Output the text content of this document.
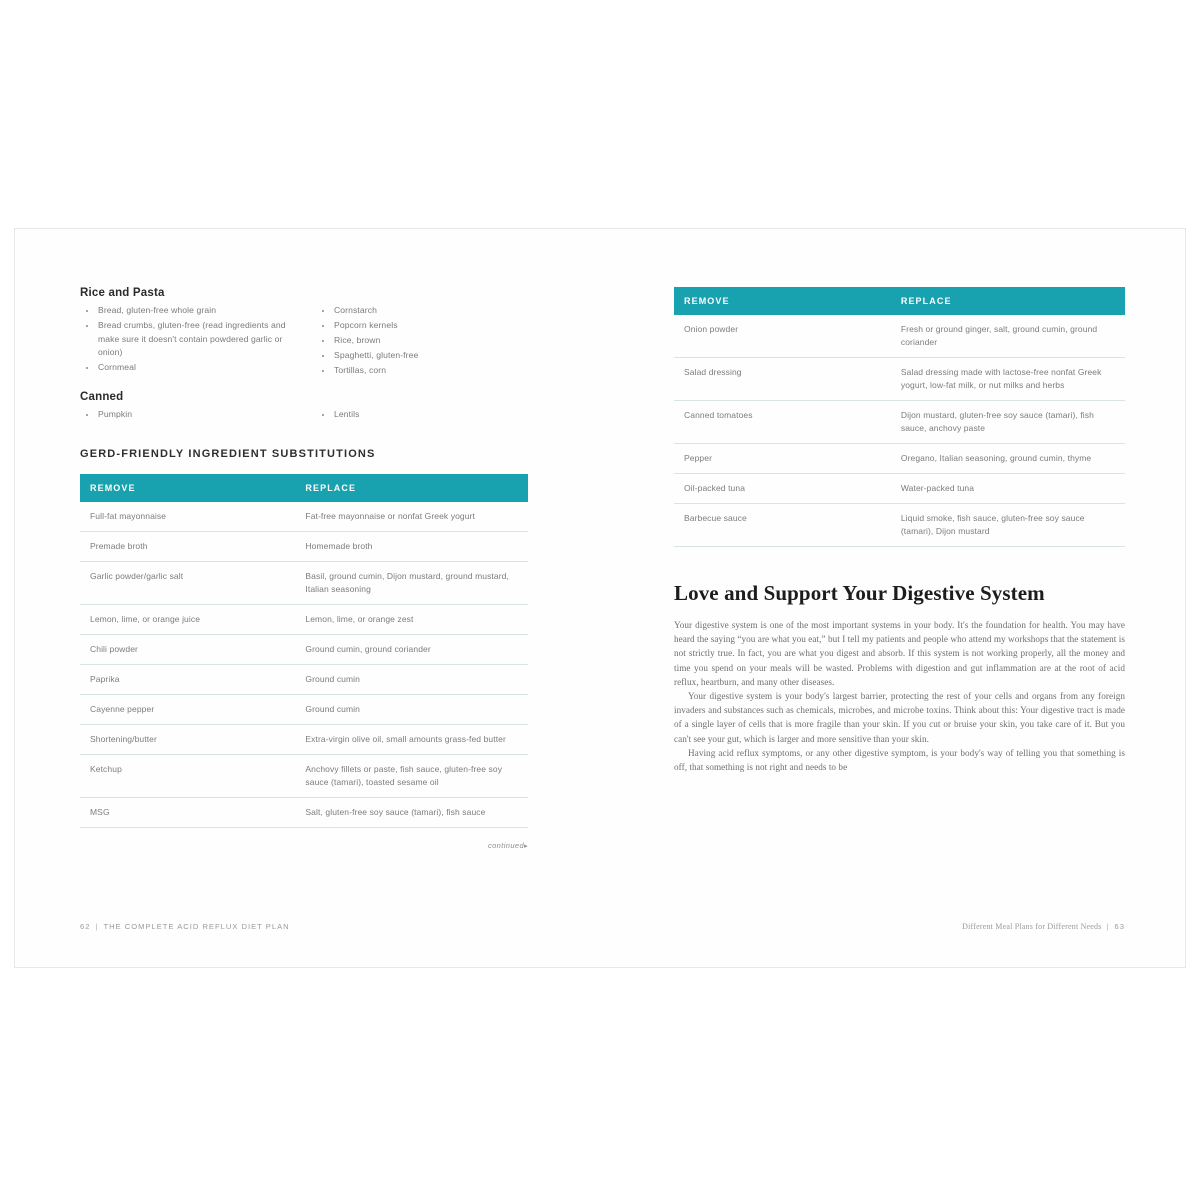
Rice and Pasta
Bread, gluten-free whole grain
Bread crumbs, gluten-free (read ingredients and make sure it doesn't contain powdered garlic or onion)
Cornmeal
Cornstarch
Popcorn kernels
Rice, brown
Spaghetti, gluten-free
Tortillas, corn
Canned
Pumpkin	Lentils
GERD-FRIENDLY INGREDIENT SUBSTITUTIONS
REMOVE	REPLACE
Full-fat mayonnaise	Fat-free mayonnaise or nonfat Greek yogurt
Premade broth	Homemade broth
Garlic powder/garlic salt	Basil, ground cumin, Dijon mustard, ground mustard, Italian seasoning
Lemon, lime, or orange juice	Lemon, lime, or orange zest
Chili powder	Ground cumin, ground coriander
Paprika	Ground cumin
Cayenne pepper	Ground cumin
Shortening/butter	Extra-virgin olive oil, small amounts grass-fed butter
Ketchup	Anchovy fillets or paste, fish sauce, gluten-free soy sauce (tamari), toasted sesame oil
MSG	Salt, gluten-free soy sauce (tamari), fish sauce
continued▸
62 | THE COMPLETE ACID REFLUX DIET PLAN
REMOVE	REPLACE
Onion powder	Fresh or ground ginger, salt, ground cumin, ground coriander
Salad dressing	Salad dressing made with lactose-free nonfat Greek yogurt, low-fat milk, or nut milks and herbs
Canned tomatoes	Dijon mustard, gluten-free soy sauce (tamari), fish sauce, anchovy paste
Pepper	Oregano, Italian seasoning, ground cumin, thyme
Oil-packed tuna	Water-packed tuna
Barbecue sauce	Liquid smoke, fish sauce, gluten-free soy sauce (tamari), Dijon mustard
Love and Support Your Digestive System

Your digestive system is one of the most important systems in your body. It's the foundation for health. You may have heard the saying “you are what you eat,” but I tell my patients and people who attend my workshops that the statement is not strictly true. In fact, you are what you digest and absorb. If this system is not working properly, all the money and time you spend on your meals will be wasted. Problems with digestion and gut inflammation are at the root of acid reflux, heartburn, and many other diseases.

Your digestive system is your body's largest barrier, protecting the rest of your cells and organs from any foreign invaders and substances such as chemicals, microbes, and microbe toxins. Think about this: Your digestive tract is made of a single layer of cells that is more fragile than your skin. If you cut or bruise your skin, you take care of it. But you can't see your gut, which is larger and more sensitive than your skin.

Having acid reflux symptoms, or any other digestive symptom, is your body's way of telling you that something is off, that something is not right and needs to be

Different Meal Plans for Different Needs | 63
